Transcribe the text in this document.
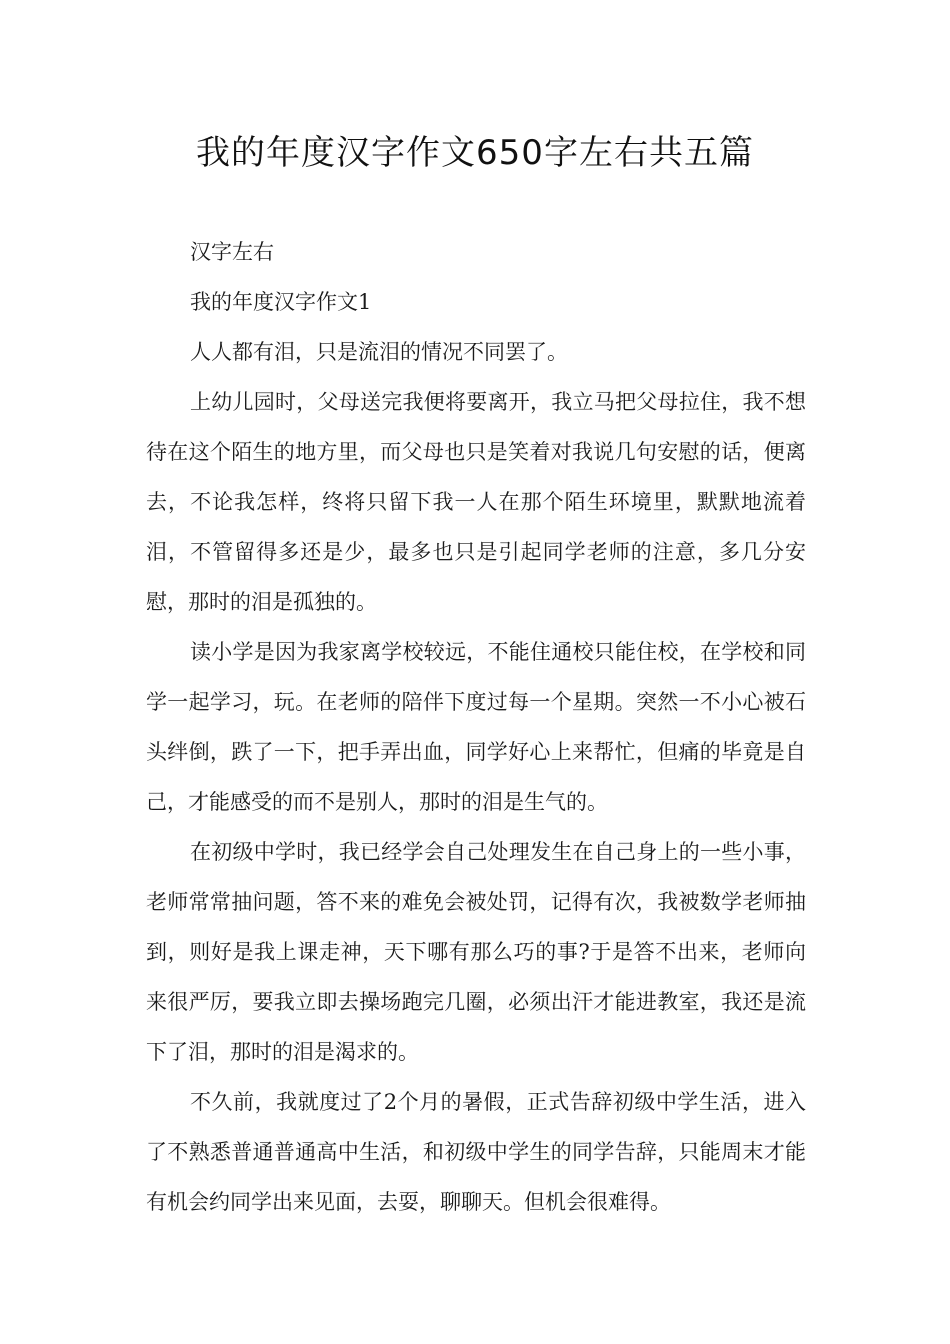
我的年度汉字作文650字左右共五篇

汉字左右

我的年度汉字作文1

人人都有泪，只是流泪的情况不同罢了。

上幼儿园时，父母送完我便将要离开，我立马把父母拉住，我不想待在这个陌生的地方里，而父母也只是笑着对我说几句安慰的话，便离去，不论我怎样，终将只留下我一人在那个陌生环境里，默默地流着泪，不管留得多还是少，最多也只是引起同学老师的注意，多几分安慰，那时的泪是孤独的。

读小学是因为我家离学校较远，不能住通校只能住校，在学校和同学一起学习，玩。在老师的陪伴下度过每一个星期。突然一不小心被石头绊倒，跌了一下，把手弄出血，同学好心上来帮忙，但痛的毕竟是自己，才能感受的而不是别人，那时的泪是生气的。

在初级中学时，我已经学会自己处理发生在自己身上的一些小事，老师常常抽问题，答不来的难免会被处罚，记得有次，我被数学老师抽到，则好是我上课走神，天下哪有那么巧的事?于是答不出来，老师向来很严厉，要我立即去操场跑完几圈，必须出汗才能进教室，我还是流下了泪，那时的泪是渴求的。

不久前，我就度过了2个月的暑假，正式告辞初级中学生活，进入了不熟悉普通普通高中生活，和初级中学生的同学告辞，只能周末才能有机会约同学出来见面，去耍，聊聊天。但机会很难得。
